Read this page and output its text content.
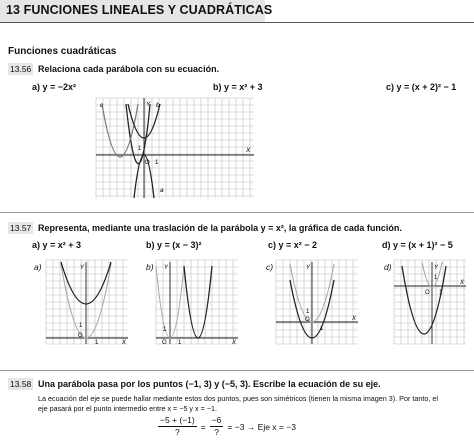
13 FUNCIONES LINEALES Y CUADRÁTICAS
Funciones cuadráticas
13.56 Relaciona cada parábola con su ecuación.
a) y = −2x²	b) y = x² + 3	c) y = (x + 2)² − 1
c	b
a
X
Y
O 1
1
13.57 Representa, mediante una traslación de la parábola y = x², la gráfica de cada función.
a) y = x² + 3	b) y = (x − 3)²	c) y = x² − 2	d) y = (x + 1)² − 5
a)
X
Y
O
1
1
b)
X
Y
O 1
1
c)
X
Y
O
1
1
d)
X
Y
O 1
1
13.58 Una parábola pasa por los puntos (−1, 3) y (−5, 3). Escribe la ecuación de su eje.
La ecuación del eje se puede hallar mediante estos dos puntos, pues son simétricos (tienen la misma imagen 3). Por tanto, el
eje pasará por el punto intermedio entre x = −5 y x = −1.
−5 + (−1)
?
=
−6
?
= −3 → Eje x = −3
